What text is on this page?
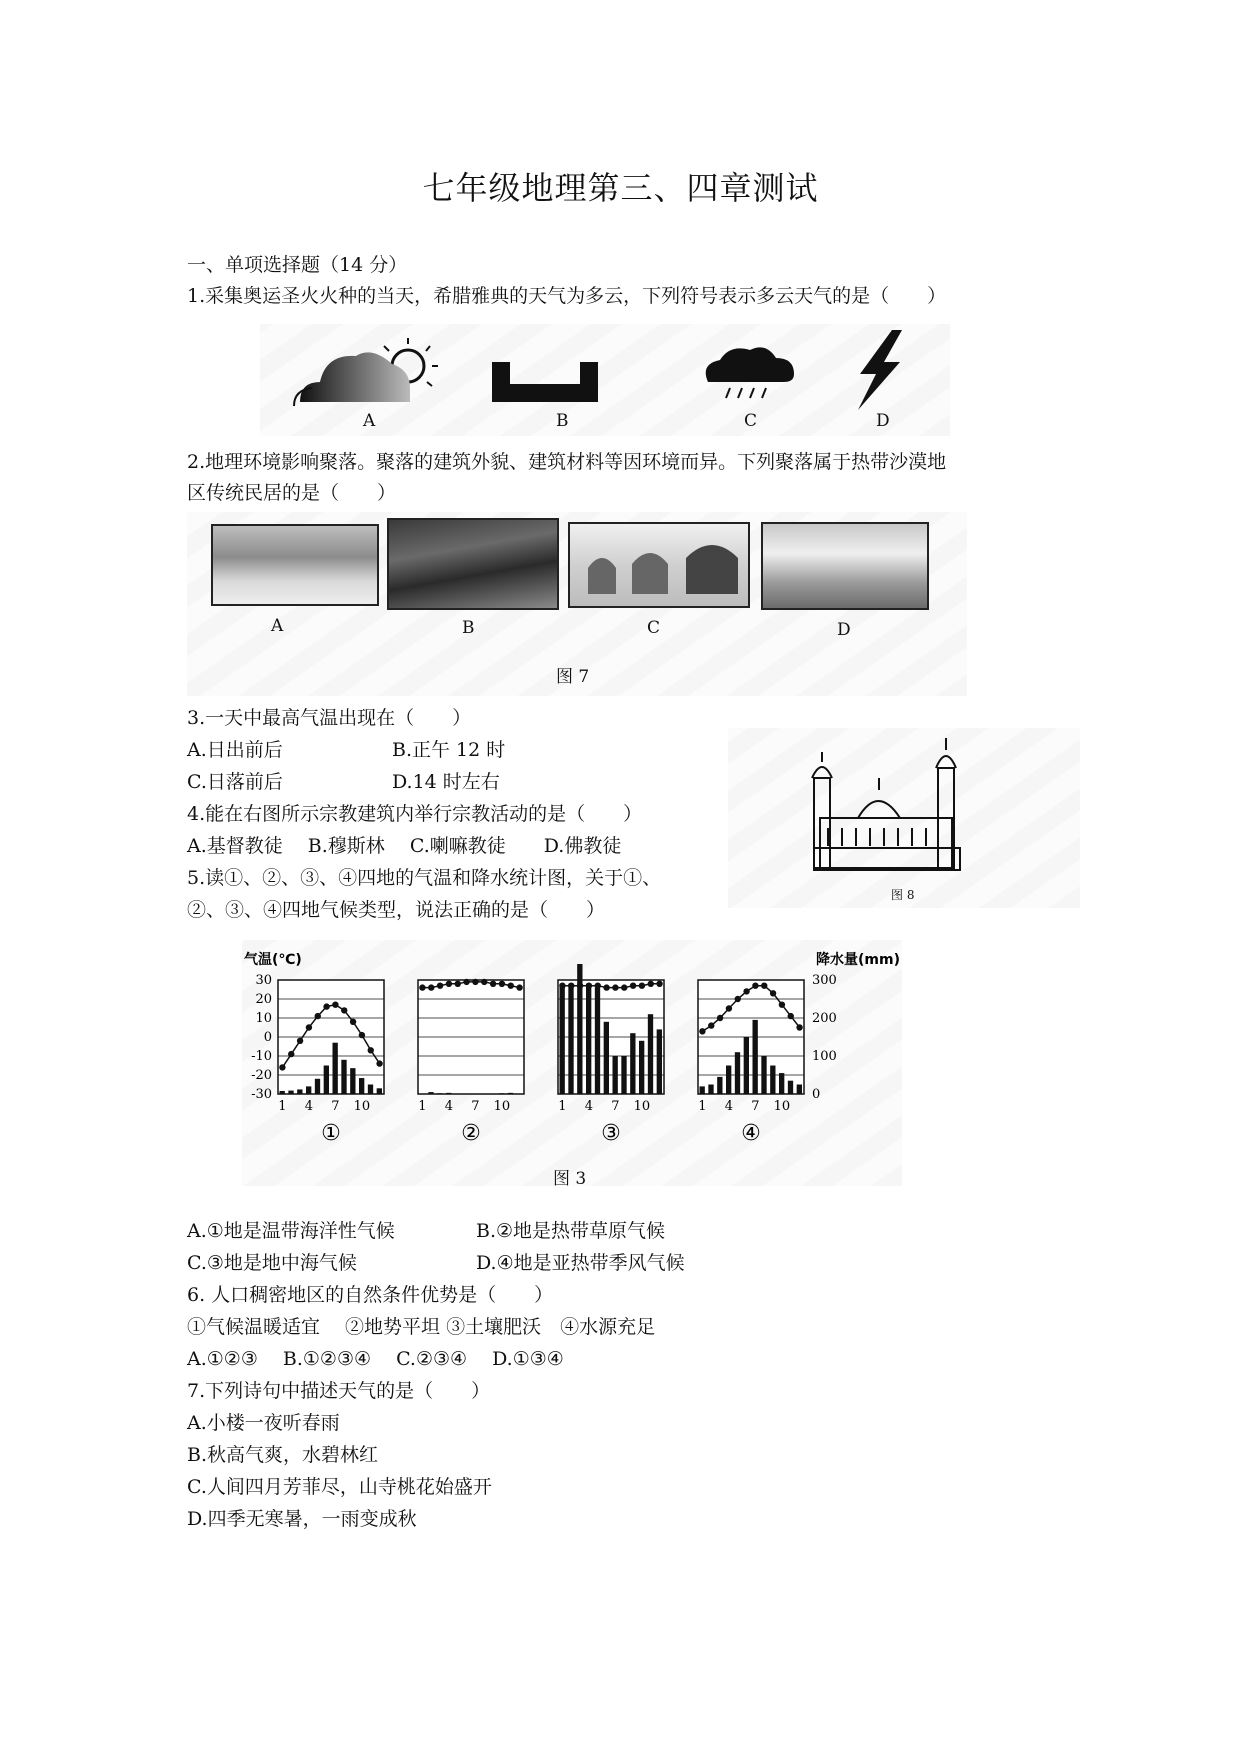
七年级地理第三、四章测试
一、单项选择题（14 分）
1.采集奥运圣火火种的当天，希腊雅典的天气为多云，下列符号表示多云天气的是（　　）
A	B	C	D
2.地理环境影响聚落。聚落的建筑外貌、建筑材料等因环境而异。下列聚落属于热带沙漠地
区传统民居的是（　　）
A	B	C	D
图 7
3.一天中最高气温出现在（　　）
A.日出前后	B.正午 12 时
C.日落前后	D.14 时左右
4.能在右图所示宗教建筑内举行宗教活动的是（　　）
A.基督教徒　 B.穆斯林　 C.喇嘛教徒　　D.佛教徒
5.读①、②、③、④四地的气温和降水统计图，关于①、
②、③、④四地气候类型，说法正确的是（　　）
图 8
气温(℃)	降水量(mm)
30
20
10
0
-10
-20
-30
300
200
100
0
1 4 7 10
①
1 4 7 10
②
1 4 7 10
③
1 4 7 10
④
图 3
A.①地是温带海洋性气候	B.②地是热带草原气候
C.③地是地中海气候	D.④地是亚热带季风气候
6. 人口稠密地区的自然条件优势是（　　）
①气候温暖适宜　 ②地势平坦 ③土壤肥沃　④水源充足
A.①②③　 B.①②③④　 C.②③④　 D.①③④
7.下列诗句中描述天气的是（　　）
A.小楼一夜听春雨
B.秋高气爽，水碧林红
C.人间四月芳菲尽，山寺桃花始盛开
D.四季无寒暑，一雨变成秋
